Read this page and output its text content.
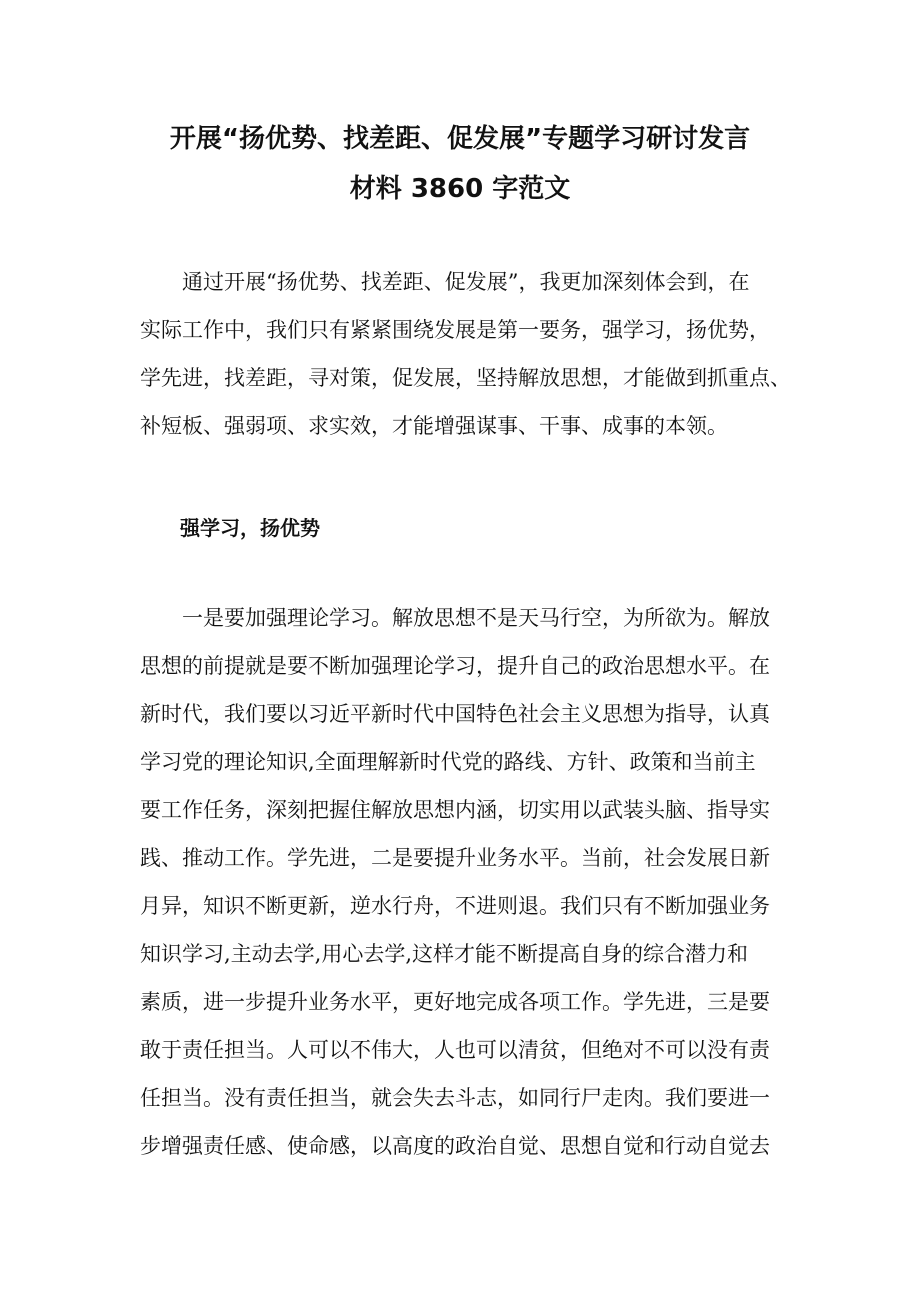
开展“扬优势、找差距、促发展”专题学习研讨发言
材料 3860 字范文
　　通过开展“扬优势、找差距、促发展”，我更加深刻体会到，在
实际工作中，我们只有紧紧围绕发展是第一要务，强学习，扬优势，
学先进，找差距，寻对策，促发展，坚持解放思想，才能做到抓重点、
补短板、强弱项、求实效，才能增强谋事、干事、成事的本领。
强学习，扬优势
　　一是要加强理论学习。解放思想不是天马行空，为所欲为。解放
思想的前提就是要不断加强理论学习，提升自己的政治思想水平。在
新时代，我们要以习近平新时代中国特色社会主义思想为指导，认真
学习党的理论知识,全面理解新时代党的路线、方针、政策和当前主
要工作任务，深刻把握住解放思想内涵，切实用以武装头脑、指导实
践、推动工作。学先进，二是要提升业务水平。当前，社会发展日新
月异，知识不断更新，逆水行舟，不进则退。我们只有不断加强业务
知识学习,主动去学,用心去学,这样才能不断提高自身的综合潜力和
素质，进一步提升业务水平，更好地完成各项工作。学先进，三是要
敢于责任担当。人可以不伟大，人也可以清贫，但绝对不可以没有责
任担当。没有责任担当，就会失去斗志，如同行尸走肉。我们要进一
步增强责任感、使命感，以高度的政治自觉、思想自觉和行动自觉去
